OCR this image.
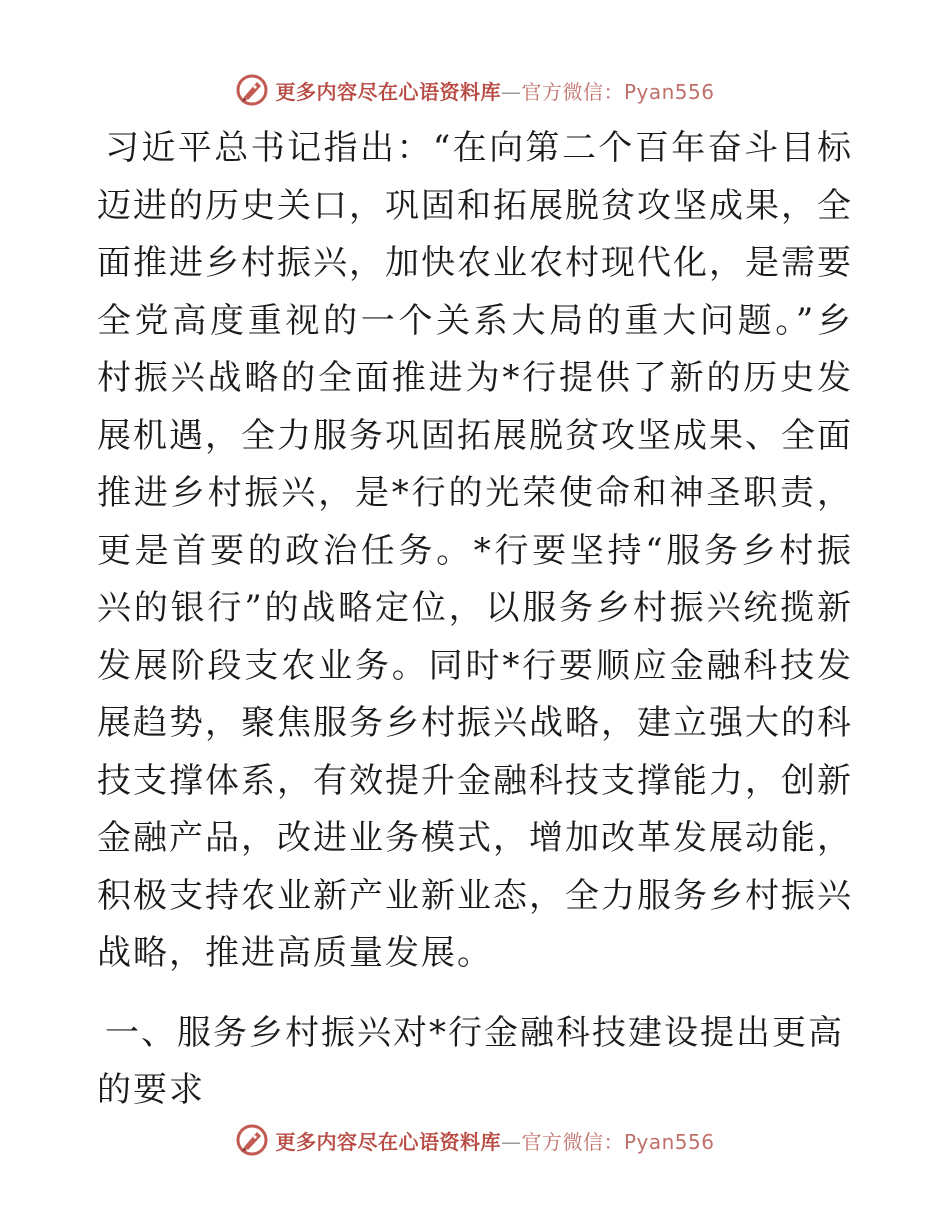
更多内容尽在心语资料库—官方微信：Pyan556

习近平总书记指出：“在向第二个百年奋斗目标迈进的历史关口，巩固和拓展脱贫攻坚成果，全面推进乡村振兴，加快农业农村现代化，是需要全党高度重视的一个关系大局的重大问题。”乡村振兴战略的全面推进为*行提供了新的历史发展机遇，全力服务巩固拓展脱贫攻坚成果、全面推进乡村振兴，是*行的光荣使命和神圣职责，更是首要的政治任务。*行要坚持“服务乡村振兴的银行”的战略定位，以服务乡村振兴统揽新发展阶段支农业务。同时*行要顺应金融科技发展趋势，聚焦服务乡村振兴战略，建立强大的科技支撑体系，有效提升金融科技支撑能力，创新金融产品，改进业务模式，增加改革发展动能，积极支持农业新产业新业态，全力服务乡村振兴战略，推进高质量发展。

一、服务乡村振兴对*行金融科技建设提出更高的要求

更多内容尽在心语资料库—官方微信：Pyan556
